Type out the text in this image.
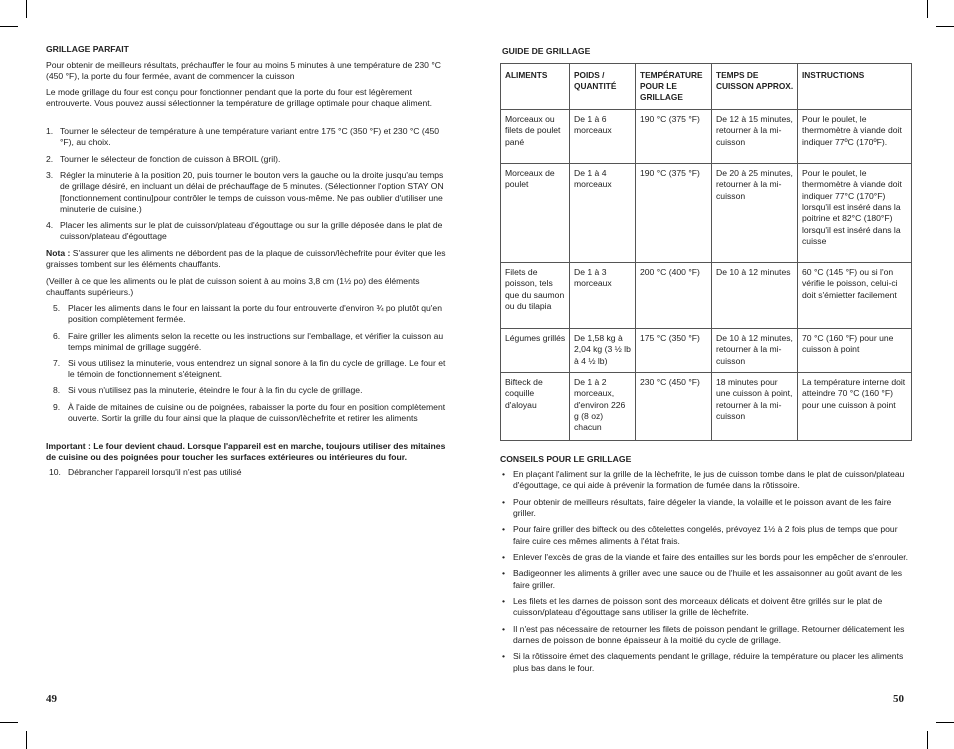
GRILLAGE PARFAIT

Pour obtenir de meilleurs résultats, préchauffer le four au moins 5 minutes à une température de 230 °C (450 °F), la porte du four fermée, avant de commencer la cuisson

Le mode grillage du four est conçu pour fonctionner pendant que la porte du four est légèrement entrouverte. Vous pouvez aussi sélectionner la température de grillage optimale pour chaque aliment.

1. Tourner le sélecteur de température à une température variant entre 175 °C (350 °F) et 230 °C (450 °F), au choix.

2. Tourner le sélecteur de fonction de cuisson à BROIL (gril).

3. Régler la minuterie à la position 20, puis tourner le bouton vers la gauche ou la droite jusqu'au temps de grillage désiré, en incluant un délai de préchauffage de 5 minutes. (Sélectionner l'option STAY ON [fonctionnement continu]pour contrôler le temps de cuisson vous-même. Ne pas oublier d'utiliser une minuterie de cuisine.)

4. Placer les aliments sur le plat de cuisson/plateau d'égouttage ou sur la grille déposée dans le plat de cuisson/plateau d'égouttage

Nota : S'assurer que les aliments ne débordent pas de la plaque de cuisson/lèchefrite pour éviter que les graisses tombent sur les éléments chauffants.

(Veiller à ce que les aliments ou le plat de cuisson soient à au moins 3,8 cm (1½ po) des éléments chauffants supérieurs.)

5. Placer les aliments dans le four en laissant la porte du four entrouverte d'environ ¾ po plutôt qu'en position complètement fermée.

6. Faire griller les aliments selon la recette ou les instructions sur l'emballage, et vérifier la cuisson au temps minimal de grillage suggéré.

7. Si vous utilisez la minuterie, vous entendrez un signal sonore à la fin du cycle de grillage. Le four et le témoin de fonctionnement s'éteignent.

8. Si vous n'utilisez pas la minuterie, éteindre le four à la fin du cycle de grillage.

9. À l'aide de mitaines de cuisine ou de poignées, rabaisser la porte du four en position complètement ouverte. Sortir la grille du four ainsi que la plaque de cuisson/lèchefrite et retirer les aliments

Important : Le four devient chaud. Lorsque l'appareil est en marche, toujours utiliser des mitaines de cuisine ou des poignées pour toucher les surfaces extérieures ou intérieures du four.

10. Débrancher l'appareil lorsqu'il n'est pas utilisé

49
GUIDE DE GRILLAGE
ALIMENTS	POIDS / QUANTITÉ	TEMPÉRATURE POUR LE GRILLAGE	TEMPS DE CUISSON APPROX.	INSTRUCTIONS
Morceaux ou filets de poulet pané	De 1 à 6 morceaux	190 °C (375 °F)	De 12 à 15 minutes, retourner à la mi-cuisson	Pour le poulet, le thermomètre à viande doit indiquer 77ºC (170ºF).
Morceaux de poulet	De 1 à 4 morceaux	190 °C (375 °F)	De 20 à 25 minutes, retourner à la mi-cuisson	Pour le poulet, le thermomètre à viande doit indiquer 77°C (170°F) lorsqu'il est inséré dans la poitrine et 82°C (180°F) lorsqu'il est inséré dans la cuisse
Filets de poisson, tels que du saumon ou du tilapia	De 1 à 3 morceaux	200 °C (400 °F)	De 10 à 12 minutes	60 °C (145 °F) ou si l'on vérifie le poisson, celui-ci doit s'émietter facilement
Légumes grillés	De 1,58 kg à 2,04 kg (3 ½ lb à 4 ½ lb)	175 °C (350 °F)	De 10 à 12 minutes, retourner à la mi-cuisson	70 °C (160 °F) pour une cuisson à point
Bifteck de coquille d'aloyau	De 1 à 2 morceaux, d'environ 226 g (8 oz) chacun	230 °C (450 °F)	18 minutes pour une cuisson à point, retourner à la mi-cuisson	La température interne doit atteindre 70 °C (160 °F) pour une cuisson à point
CONSEILS POUR LE GRILLAGE
• En plaçant l'aliment sur la grille de la lèchefrite, le jus de cuisson tombe dans le plat de cuisson/plateau d'égouttage, ce qui aide à prévenir la formation de fumée dans la rôtissoire.
• Pour obtenir de meilleurs résultats, faire dégeler la viande, la volaille et le poisson avant de les faire griller.
• Pour faire griller des bifteck ou des côtelettes congelés, prévoyez 1½ à 2 fois plus de temps que pour faire cuire ces mêmes aliments à l'état frais.
• Enlever l'excès de gras de la viande et faire des entailles sur les bords pour les empêcher de s'enrouler.
• Badigeonner les aliments à griller avec une sauce ou de l'huile et les assaisonner au goût avant de les faire griller.
• Les filets et les darnes de poisson sont des morceaux délicats et doivent être grillés sur le plat de cuisson/plateau d'égouttage sans utiliser la grille de lèchefrite.
• Il n'est pas nécessaire de retourner les filets de poisson pendant le grillage. Retourner délicatement les darnes de poisson de bonne épaisseur à la moitié du cycle de grillage.
• Si la rôtissoire émet des claquements pendant le grillage, réduire la température ou placer les aliments plus bas dans le four.
50
